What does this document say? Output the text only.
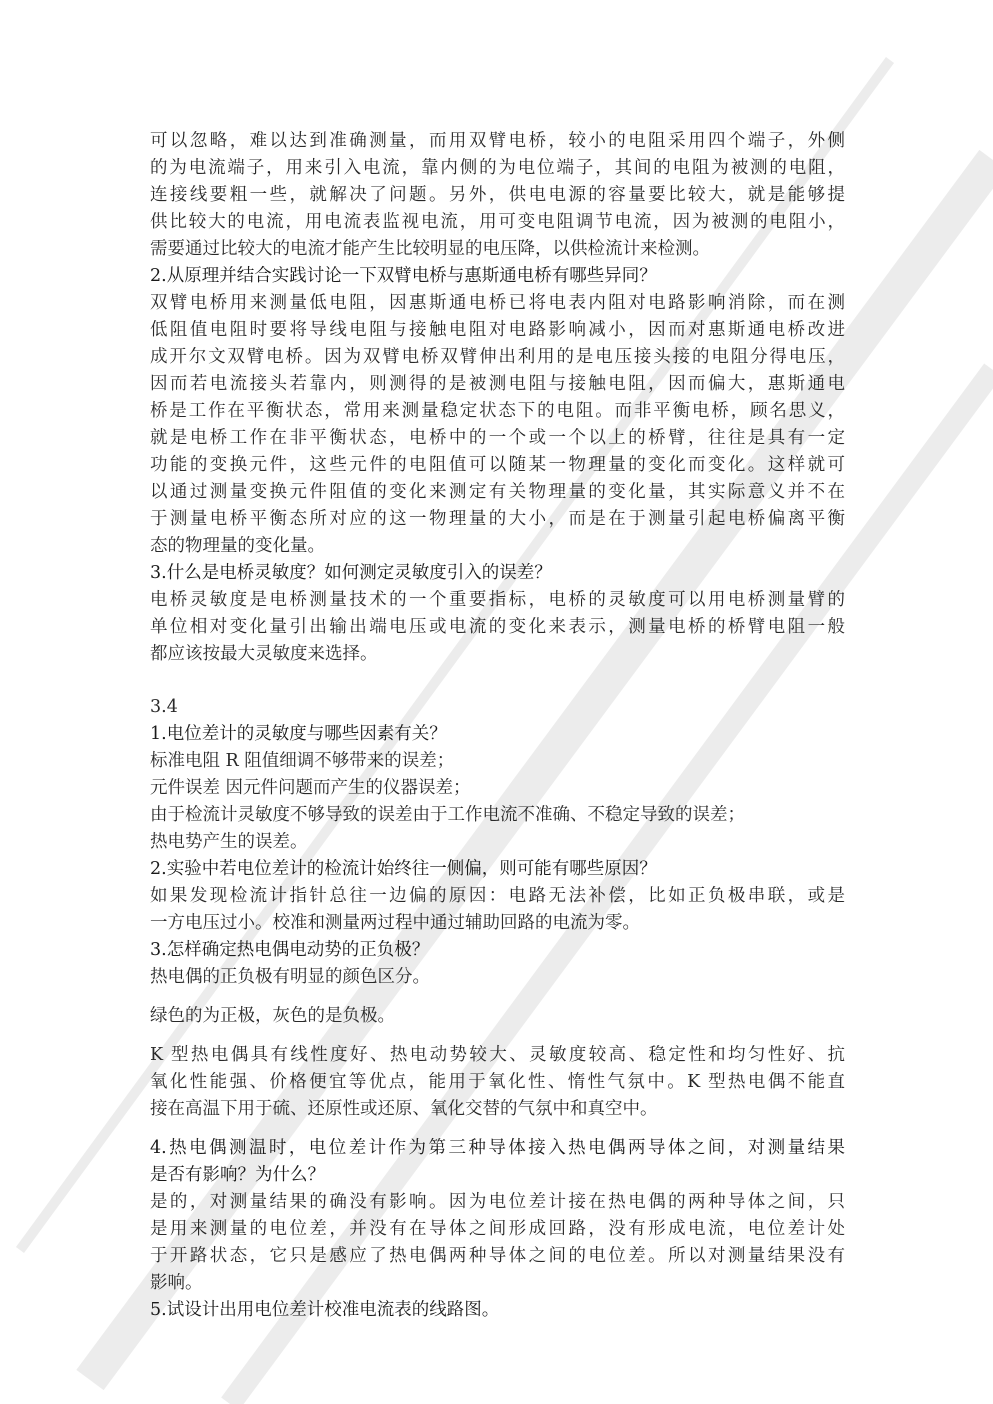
可以忽略，难以达到准确测量，而用双臂电桥，较小的电阻采用四个端子，外侧
的为电流端子，用来引入电流，靠内侧的为电位端子，其间的电阻为被测的电阻，
连接线要粗一些，就解决了问题。另外，供电电源的容量要比较大，就是能够提
供比较大的电流，用电流表监视电流，用可变电阻调节电流，因为被测的电阻小，
需要通过比较大的电流才能产生比较明显的电压降，以供检流计来检测。
2.从原理并结合实践讨论一下双臂电桥与惠斯通电桥有哪些异同？
双臂电桥用来测量低电阻，因惠斯通电桥已将电表内阻对电路影响消除，而在测
低阻值电阻时要将导线电阻与接触电阻对电路影响减小，因而对惠斯通电桥改进
成开尔文双臂电桥。因为双臂电桥双臂伸出利用的是电压接头接的电阻分得电压，
因而若电流接头若靠内，则测得的是被测电阻与接触电阻，因而偏大，惠斯通电
桥是工作在平衡状态，常用来测量稳定状态下的电阻。而非平衡电桥，顾名思义，
就是电桥工作在非平衡状态，电桥中的一个或一个以上的桥臂，往往是具有一定
功能的变换元件，这些元件的电阻值可以随某一物理量的变化而变化。这样就可
以通过测量变换元件阻值的变化来测定有关物理量的变化量，其实际意义并不在
于测量电桥平衡态所对应的这一物理量的大小，而是在于测量引起电桥偏离平衡
态的物理量的变化量。
3.什么是电桥灵敏度？如何测定灵敏度引入的误差？
电桥灵敏度是电桥测量技术的一个重要指标，电桥的灵敏度可以用电桥测量臂的
单位相对变化量引出输出端电压或电流的变化来表示，测量电桥的桥臂电阻一般
都应该按最大灵敏度来选择。
3.4
1.电位差计的灵敏度与哪些因素有关？
标准电阻 R 阻值细调不够带来的误差；
元件误差 因元件问题而产生的仪器误差；
由于检流计灵敏度不够导致的误差由于工作电流不准确、不稳定导致的误差；
热电势产生的误差。
2.实验中若电位差计的检流计始终往一侧偏，则可能有哪些原因？
如果发现检流计指针总往一边偏的原因：电路无法补偿，比如正负极串联，或是
一方电压过小。校准和测量两过程中通过辅助回路的电流为零。
3.怎样确定热电偶电动势的正负极？
热电偶的正负极有明显的颜色区分。
绿色的为正极，灰色的是负极。
K 型热电偶具有线性度好、热电动势较大、灵敏度较高、稳定性和均匀性好、抗
氧化性能强、价格便宜等优点，能用于氧化性、惰性气氛中。K 型热电偶不能直
接在高温下用于硫、还原性或还原、氧化交替的气氛中和真空中。
4.热电偶测温时，电位差计作为第三种导体接入热电偶两导体之间，对测量结果
是否有影响？为什么？
是的，对测量结果的确没有影响。因为电位差计接在热电偶的两种导体之间，只
是用来测量的电位差，并没有在导体之间形成回路，没有形成电流，电位差计处
于开路状态，它只是感应了热电偶两种导体之间的电位差。所以对测量结果没有
影响。
5.试设计出用电位差计校准电流表的线路图。
